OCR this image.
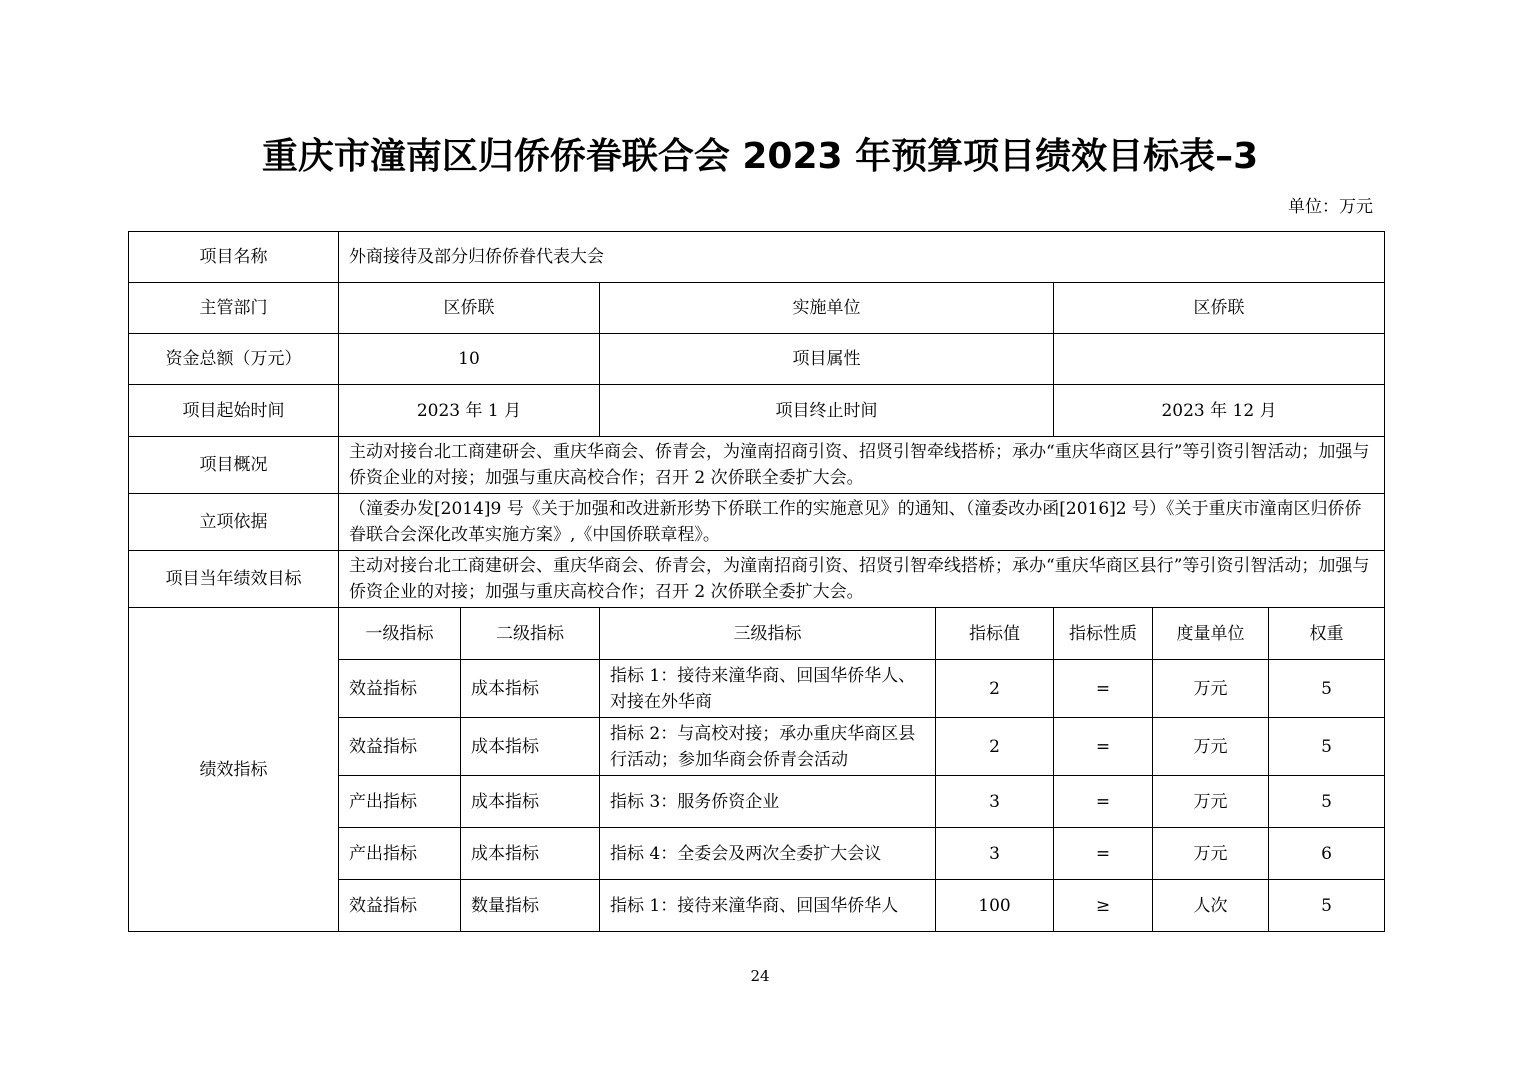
重庆市潼南区归侨侨眷联合会 2023 年预算项目绩效目标表–3
单位：万元
项目名称	外商接待及部分归侨侨眷代表大会						
主管部门	区侨联		实施单位		区侨联		
资金总额（万元）	10		项目属性				
项目起始时间	2023 年 1 月		项目终止时间		2023 年 12 月		
项目概况	主动对接台北工商建研会、重庆华商会、侨青会，为潼南招商引资、招贤引智牵线搭桥；承办“重庆华商区县行”等引资引智活动；加强与侨资企业的对接；加强与重庆高校合作；召开 2 次侨联全委扩大会。						
立项依据	（潼委办发[2014]9 号《关于加强和改进新形势下侨联工作的实施意见》的通知、（潼委改办函[2016]2 号）《关于重庆市潼南区归侨侨眷联合会深化改革实施方案》,《中国侨联章程》。						
项目当年绩效目标	主动对接台北工商建研会、重庆华商会、侨青会，为潼南招商引资、招贤引智牵线搭桥；承办“重庆华商区县行”等引资引智活动；加强与侨资企业的对接；加强与重庆高校合作；召开 2 次侨联全委扩大会。						
绩效指标	一级指标	二级指标	三级指标	指标值	指标性质	度量单位	权重
	效益指标	成本指标	指标 1：接待来潼华商、回国华侨华人、对接在外华商	2	=	万元	5
	效益指标	成本指标	指标 2：与高校对接；承办重庆华商区县行活动；参加华商会侨青会活动	2	=	万元	5
	产出指标	成本指标	指标 3：服务侨资企业	3	=	万元	5
	产出指标	成本指标	指标 4：全委会及两次全委扩大会议	3	=	万元	6
	效益指标	数量指标	指标 1：接待来潼华商、回国华侨华人	100	≥	人次	5
24
